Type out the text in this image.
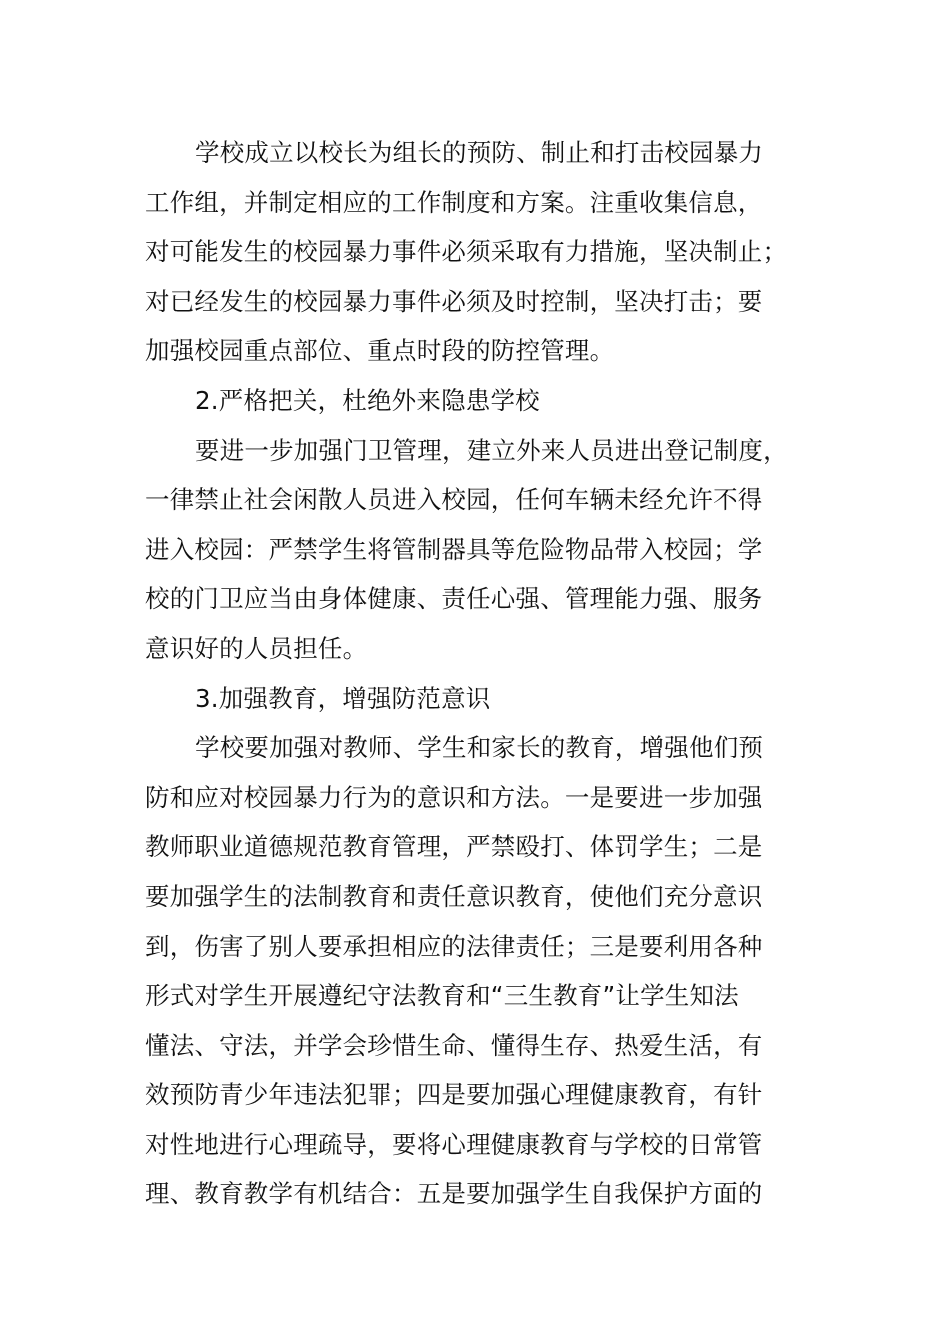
学校成立以校长为组长的预防、制止和打击校园暴力
工作组，并制定相应的工作制度和方案。注重收集信息，
对可能发生的校园暴力事件必须采取有力措施，坚决制止；
对已经发生的校园暴力事件必须及时控制，坚决打击；要
加强校园重点部位、重点时段的防控管理。
2.严格把关，杜绝外来隐患学校
要进一步加强门卫管理，建立外来人员进出登记制度，
一律禁止社会闲散人员进入校园，任何车辆未经允许不得
进入校园：严禁学生将管制器具等危险物品带入校园；学
校的门卫应当由身体健康、责任心强、管理能力强、服务
意识好的人员担任。
3.加强教育，增强防范意识
学校要加强对教师、学生和家长的教育，增强他们预
防和应对校园暴力行为的意识和方法。一是要进一步加强
教师职业道德规范教育管理，严禁殴打、体罚学生；二是
要加强学生的法制教育和责任意识教育，使他们充分意识
到，伤害了别人要承担相应的法律责任；三是要利用各种
形式对学生开展遵纪守法教育和“三生教育”让学生知法
懂法、守法，并学会珍惜生命、懂得生存、热爱生活，有
效预防青少年违法犯罪；四是要加强心理健康教育，有针
对性地进行心理疏导，要将心理健康教育与学校的日常管
理、教育教学有机结合：五是要加强学生自我保护方面的
